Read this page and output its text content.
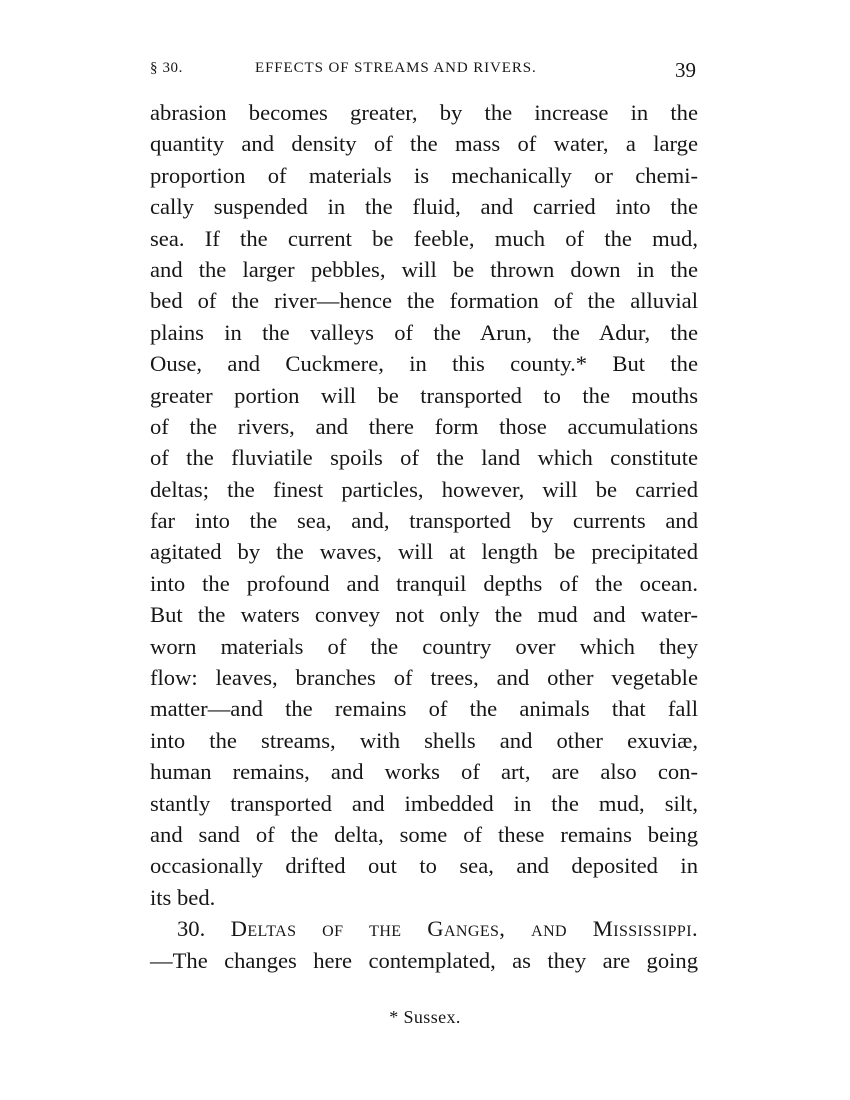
§ 30.	EFFECTS OF STREAMS AND RIVERS.	39
abrasion becomes greater, by the increase in the
quantity and density of the mass of water, a large
proportion of materials is mechanically or chemi-
cally suspended in the fluid, and carried into the
sea. If the current be feeble, much of the mud,
and the larger pebbles, will be thrown down in the
bed of the river—hence the formation of the alluvial
plains in the valleys of the Arun, the Adur, the
Ouse, and Cuckmere, in this county.* But the
greater portion will be transported to the mouths
of the rivers, and there form those accumulations
of the fluviatile spoils of the land which constitute
deltas; the finest particles, however, will be carried
far into the sea, and, transported by currents and
agitated by the waves, will at length be precipitated
into the profound and tranquil depths of the ocean.
But the waters convey not only the mud and water-
worn materials of the country over which they
flow: leaves, branches of trees, and other vegetable
matter—and the remains of the animals that fall
into the streams, with shells and other exuviæ,
human remains, and works of art, are also con-
stantly transported and imbedded in the mud, silt,
and sand of the delta, some of these remains being
occasionally drifted out to sea, and deposited in
its bed.
30. Deltas of the Ganges, and Mississippi.
—The changes here contemplated, as they are going
* Sussex.
